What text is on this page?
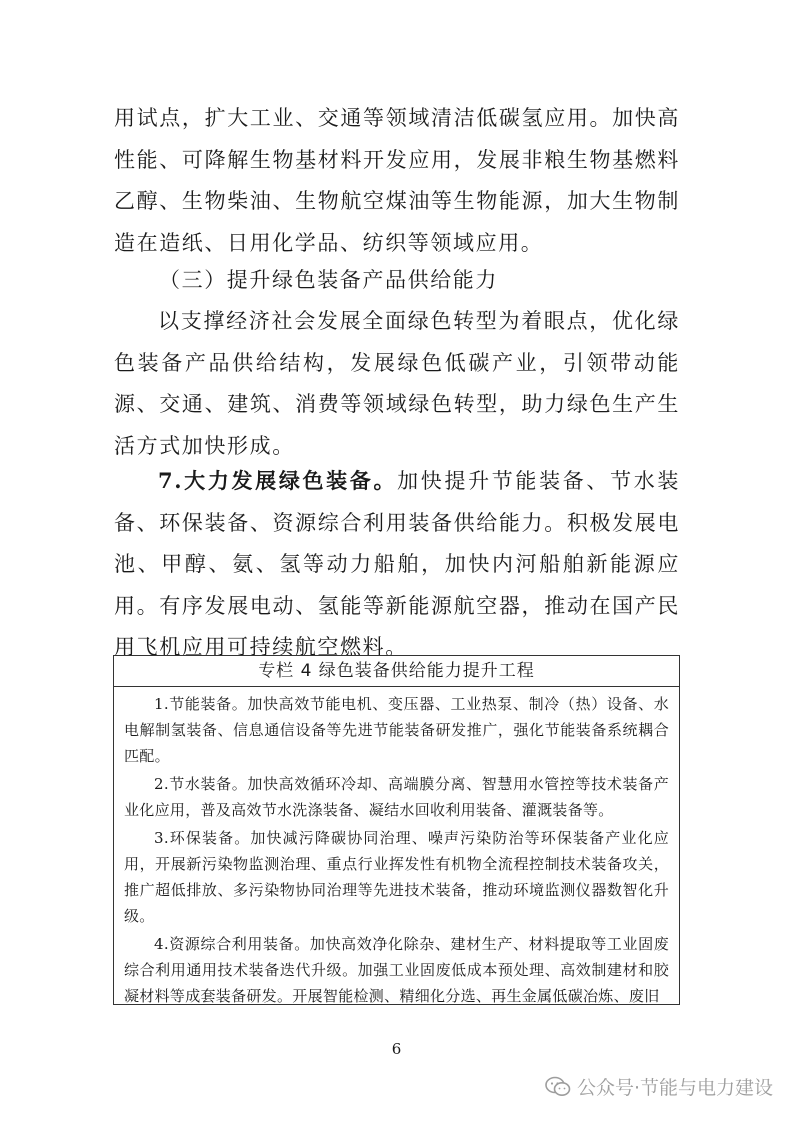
用试点，扩大工业、交通等领域清洁低碳氢应用。加快高性能、可降解生物基材料开发应用，发展非粮生物基燃料乙醇、生物柴油、生物航空煤油等生物能源，加大生物制造在造纸、日用化学品、纺织等领域应用。

（三）提升绿色装备产品供给能力

以支撑经济社会发展全面绿色转型为着眼点，优化绿色装备产品供给结构，发展绿色低碳产业，引领带动能源、交通、建筑、消费等领域绿色转型，助力绿色生产生活方式加快形成。

7.大力发展绿色装备。加快提升节能装备、节水装备、环保装备、资源综合利用装备供给能力。积极发展电池、甲醇、氨、氢等动力船舶，加快内河船舶新能源应用。有序发展电动、氢能等新能源航空器，推动在国产民用飞机应用可持续航空燃料。

专栏 4 绿色装备供给能力提升工程

1.节能装备。加快高效节能电机、变压器、工业热泵、制冷（热）设备、水电解制氢装备、信息通信设备等先进节能装备研发推广，强化节能装备系统耦合匹配。

2.节水装备。加快高效循环冷却、高端膜分离、智慧用水管控等技术装备产业化应用，普及高效节水洗涤装备、凝结水回收利用装备、灌溉装备等。

3.环保装备。加快减污降碳协同治理、噪声污染防治等环保装备产业化应用，开展新污染物监测治理、重点行业挥发性有机物全流程控制技术装备攻关，推广超低排放、多污染物协同治理等先进技术装备，推动环境监测仪器数智化升级。

4.资源综合利用装备。加快高效净化除杂、建材生产、材料提取等工业固废综合利用通用技术装备迭代升级。加强工业固废低成本预处理、高效制建材和胶凝材料等成套装备研发。开展智能检测、精细化分选、再生金属低碳冶炼、废旧

6
公众号·节能与电力建设
